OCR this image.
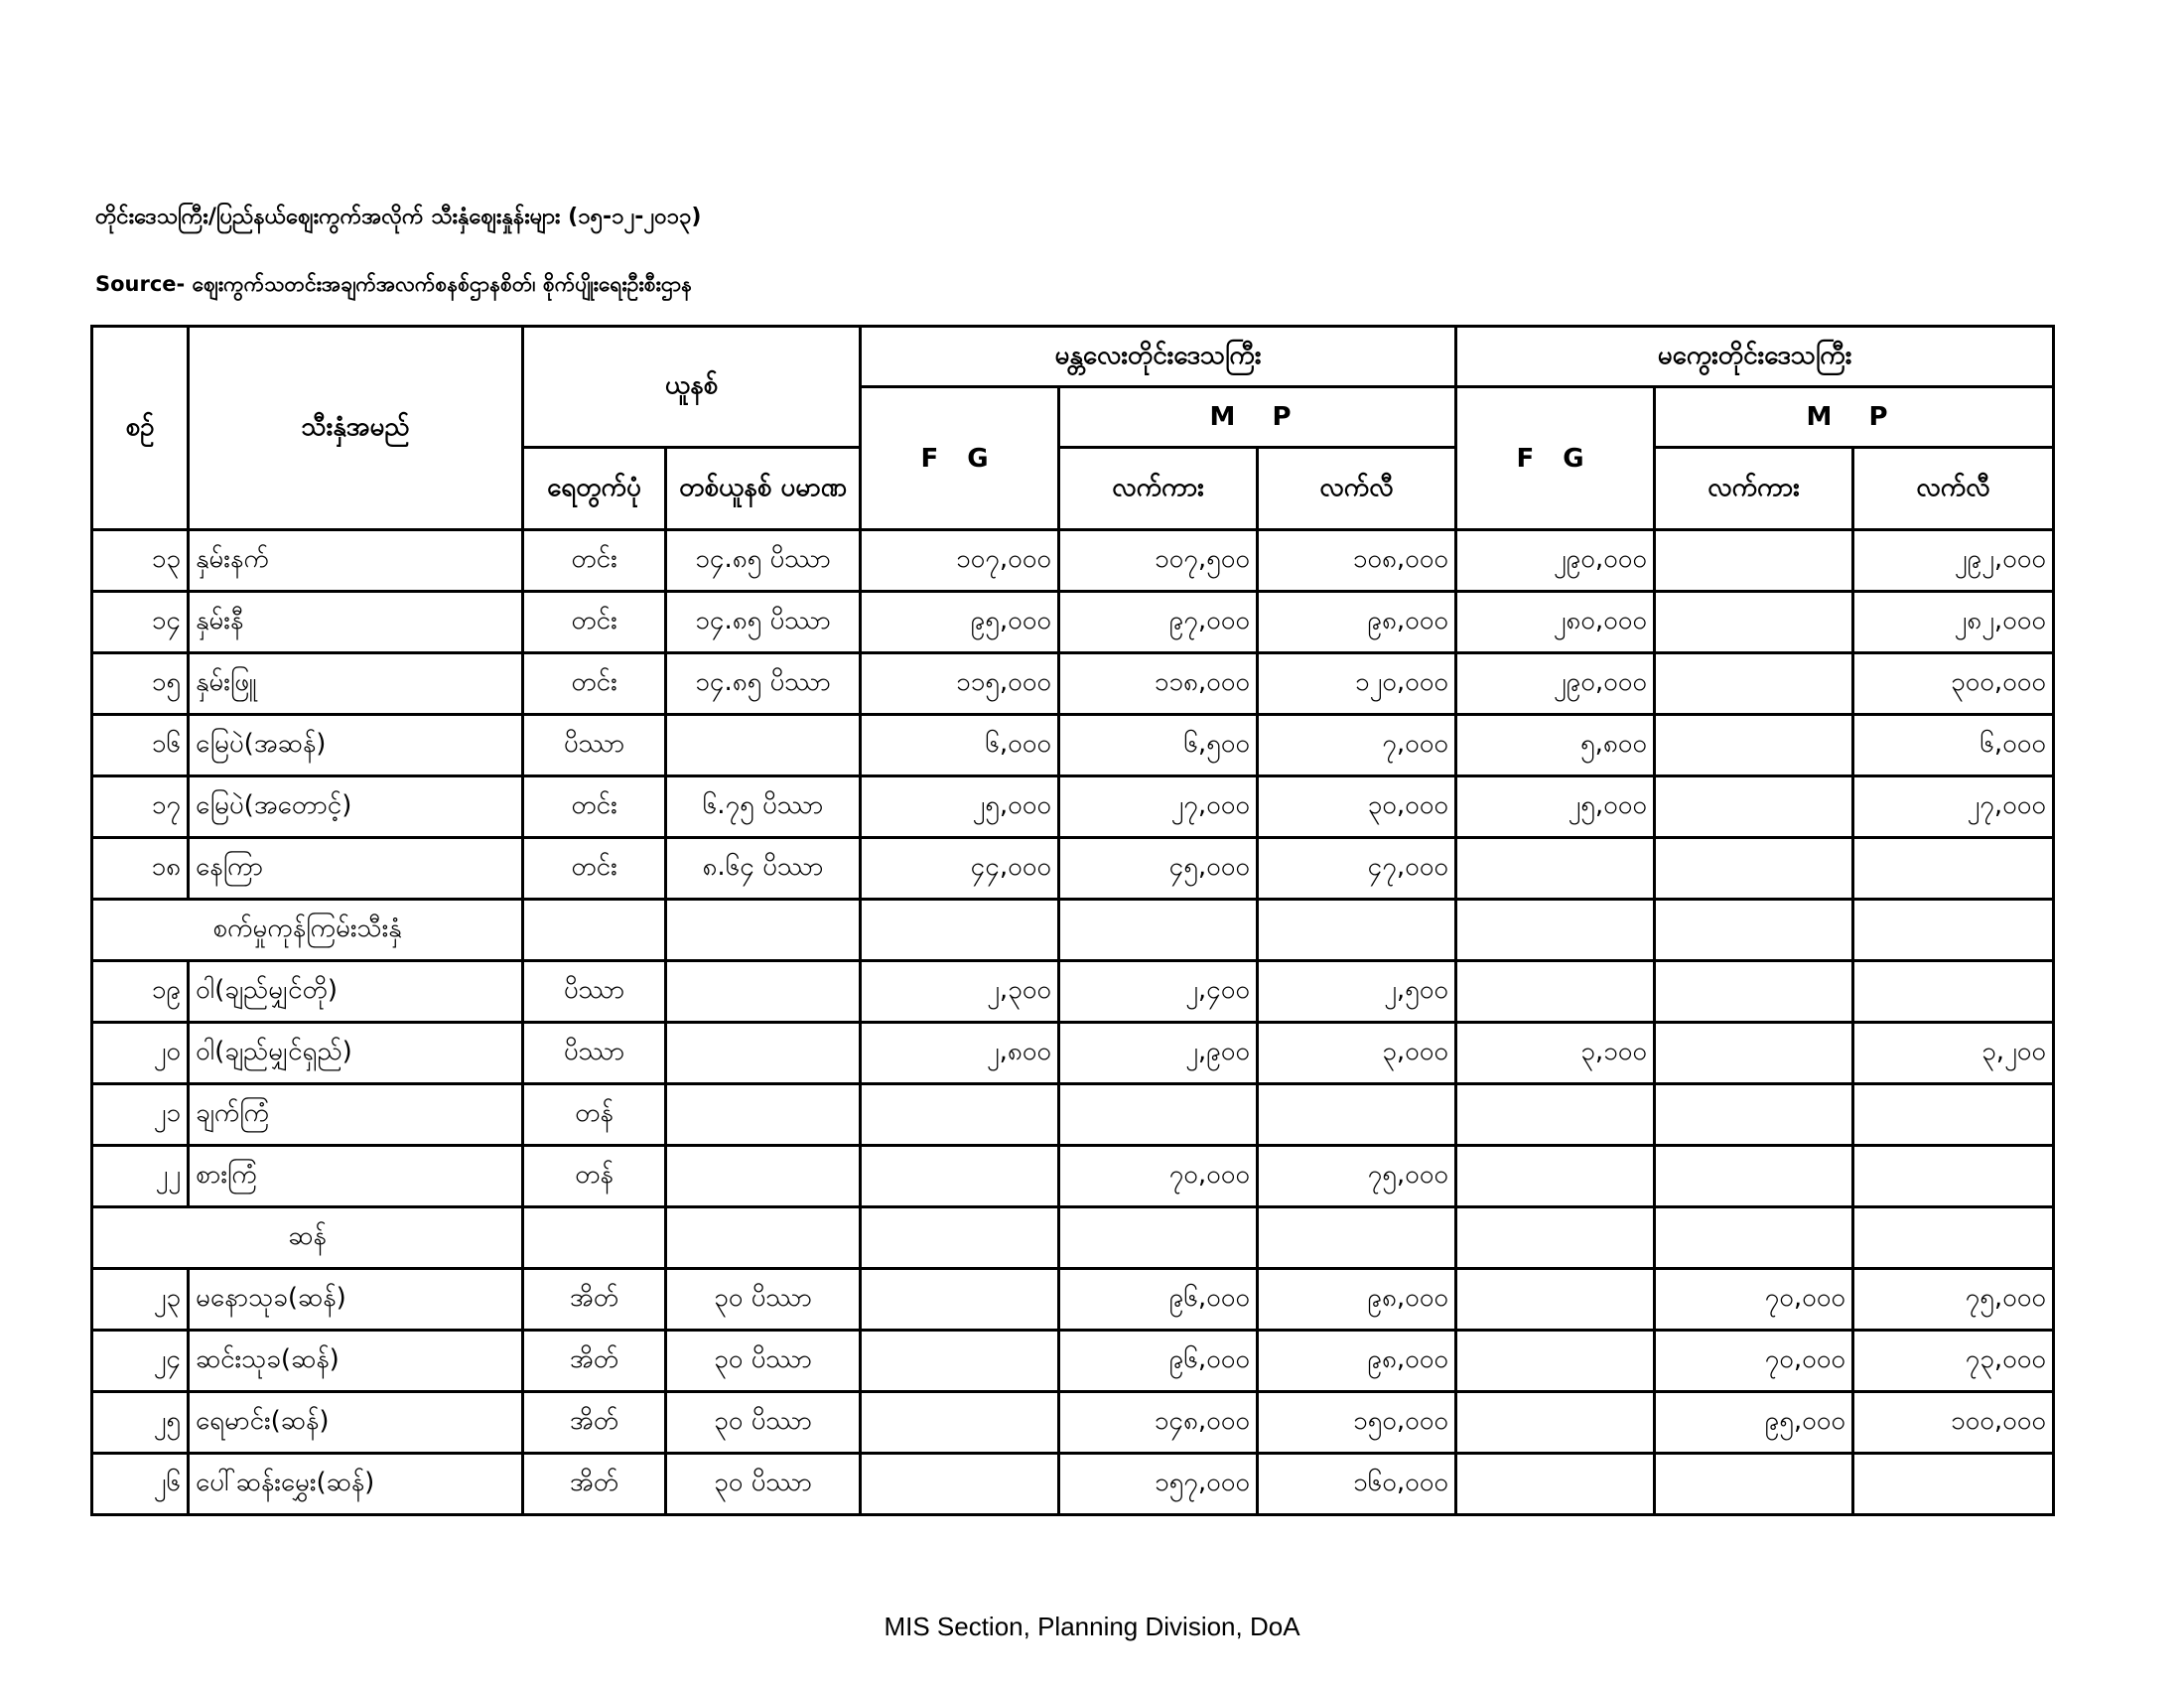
တိုင်းဒေသကြီး/ပြည်နယ်ဈေးကွက်အလိုက် သီးနှံဈေးနှုန်းများ (၁၅-၁၂-၂၀၁၃)
Source- ဈေးကွက်သတင်းအချက်အလက်စနစ်ဌာနစိတ်၊ စိုက်ပျိုးရေးဦးစီးဌာန
စဉ်	သီးနှံအမည်	ယူနစ်		မန္တလေးတိုင်းဒေသကြီး			မကွေးတိုင်းဒေသကြီး		
				F G	M P		F G	M P	
		ရေတွက်ပုံ	တစ်ယူနစ် ပမာဏ		လက်ကား	လက်လီ		လက်ကား	လက်လီ
၁၃	နှမ်းနက်	တင်း	၁၄.၈၅ ပိဿာ	၁၀၇,၀၀၀	၁၀၇,၅၀၀	၁၀၈,၀၀၀	၂၉၀,၀၀၀		၂၉၂,၀၀၀
၁၄	နှမ်းနီ	တင်း	၁၄.၈၅ ပိဿာ	၉၅,၀၀၀	၉၇,၀၀၀	၉၈,၀၀၀	၂၈၀,၀၀၀		၂၈၂,၀၀၀
၁၅	နှမ်းဖြူ	တင်း	၁၄.၈၅ ပိဿာ	၁၁၅,၀၀၀	၁၁၈,၀၀၀	၁၂၀,၀၀၀	၂၉၀,၀၀၀		၃၀၀,၀၀၀
၁၆	မြေပဲ(အဆန်)	ပိဿာ		၆,၀၀၀	၆,၅၀၀	၇,၀၀၀	၅,၈၀၀		၆,၀၀၀
၁၇	မြေပဲ(အတောင့်)	တင်း	၆.၇၅ ပိဿာ	၂၅,၀၀၀	၂၇,၀၀၀	၃၀,၀၀၀	၂၅,၀၀၀		၂၇,၀၀၀
၁၈	နေကြာ	တင်း	၈.၆၄ ပိဿာ	၄၄,၀၀၀	၄၅,၀၀၀	၄၇,၀၀၀			
စက်မှုကုန်ကြမ်းသီးနှံ									
၁၉	ဝါ(ချည်မျှင်တို)	ပိဿာ		၂,၃၀၀	၂,၄၀၀	၂,၅၀၀			
၂၀	ဝါ(ချည်မျှင်ရှည်)	ပိဿာ		၂,၈၀၀	၂,၉၀၀	၃,၀၀၀	၃,၁၀၀		၃,၂၀၀
၂၁	ချက်ကြံ	တန်							
၂၂	စားကြံ	တန်			၇၀,၀၀၀	၇၅,၀၀၀			
ဆန်									
၂၃	မနောသုခ(ဆန်)	အိတ်	၃၀ ပိဿာ		၉၆,၀၀၀	၉၈,၀၀၀		၇၀,၀၀၀	၇၅,၀၀၀
၂၄	ဆင်းသုခ(ဆန်)	အိတ်	၃၀ ပိဿာ		၉၆,၀၀၀	၉၈,၀၀၀		၇၀,၀၀၀	၇၃,၀၀၀
၂၅	ရေမာင်း(ဆန်)	အိတ်	၃၀ ပိဿာ		၁၄၈,၀၀၀	၁၅၀,၀၀၀		၉၅,၀၀၀	၁၀၀,၀၀၀
၂၆	ပေါ်ဆန်းမွှေး(ဆန်)	အိတ်	၃၀ ပိဿာ		၁၅၇,၀၀၀	၁၆၀,၀၀၀			
MIS Section, Planning Division, DoA
